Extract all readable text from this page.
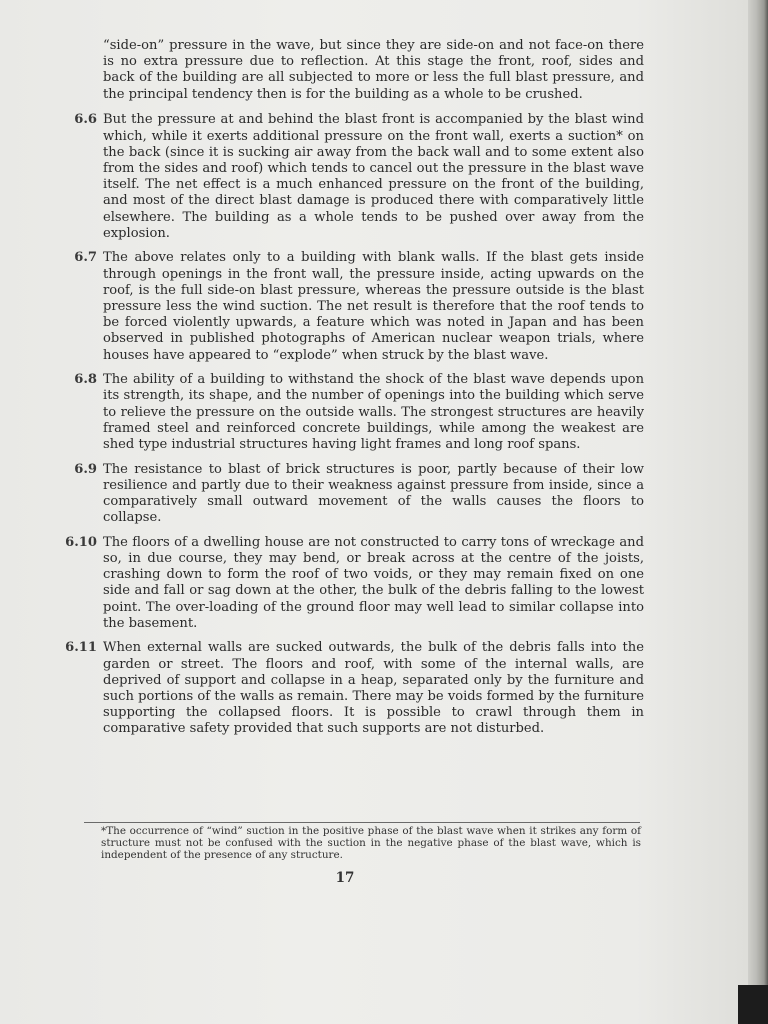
“side-on” pressure in the wave, but since they are side-on and not face-on there is no extra pressure due to reflection. At this stage the front, roof, sides and back of the building are all subjected to more or less the full blast pressure, and the principal tendency then is for the building as a whole to be crushed.

6.6 But the pressure at and behind the blast front is accompanied by the blast wind which, while it exerts additional pressure on the front wall, exerts a suction* on the back (since it is sucking air away from the back wall and to some extent also from the sides and roof) which tends to cancel out the pressure in the blast wave itself. The net effect is a much enhanced pressure on the front of the building, and most of the direct blast damage is produced there with comparatively little elsewhere. The building as a whole tends to be pushed over away from the explosion.

6.7 The above relates only to a building with blank walls. If the blast gets inside through openings in the front wall, the pressure inside, acting upwards on the roof, is the full side-on blast pressure, whereas the pressure outside is the blast pressure less the wind suction. The net result is therefore that the roof tends to be forced violently upwards, a feature which was noted in Japan and has been observed in published photographs of American nuclear weapon trials, where houses have appeared to “explode” when struck by the blast wave.

6.8 The ability of a building to withstand the shock of the blast wave depends upon its strength, its shape, and the number of openings into the building which serve to relieve the pressure on the outside walls. The strongest structures are heavily framed steel and reinforced concrete buildings, while among the weakest are shed type industrial structures having light frames and long roof spans.

6.9 The resistance to blast of brick structures is poor, partly because of their low resilience and partly due to their weakness against pressure from inside, since a comparatively small outward movement of the walls causes the floors to collapse.

6.10 The floors of a dwelling house are not constructed to carry tons of wreckage and so, in due course, they may bend, or break across at the centre of the joists, crashing down to form the roof of two voids, or they may remain fixed on one side and fall or sag down at the other, the bulk of the debris falling to the lowest point. The over-loading of the ground floor may well lead to similar collapse into the basement.

6.11 When external walls are sucked outwards, the bulk of the debris falls into the garden or street. The floors and roof, with some of the internal walls, are deprived of support and collapse in a heap, separated only by the furniture and such portions of the walls as remain. There may be voids formed by the furniture supporting the collapsed floors. It is possible to crawl through them in comparative safety provided that such supports are not disturbed.

*The occurrence of “wind” suction in the positive phase of the blast wave when it strikes any form of structure must not be confused with the suction in the negative phase of the blast wave, which is independent of the presence of any structure.
17
